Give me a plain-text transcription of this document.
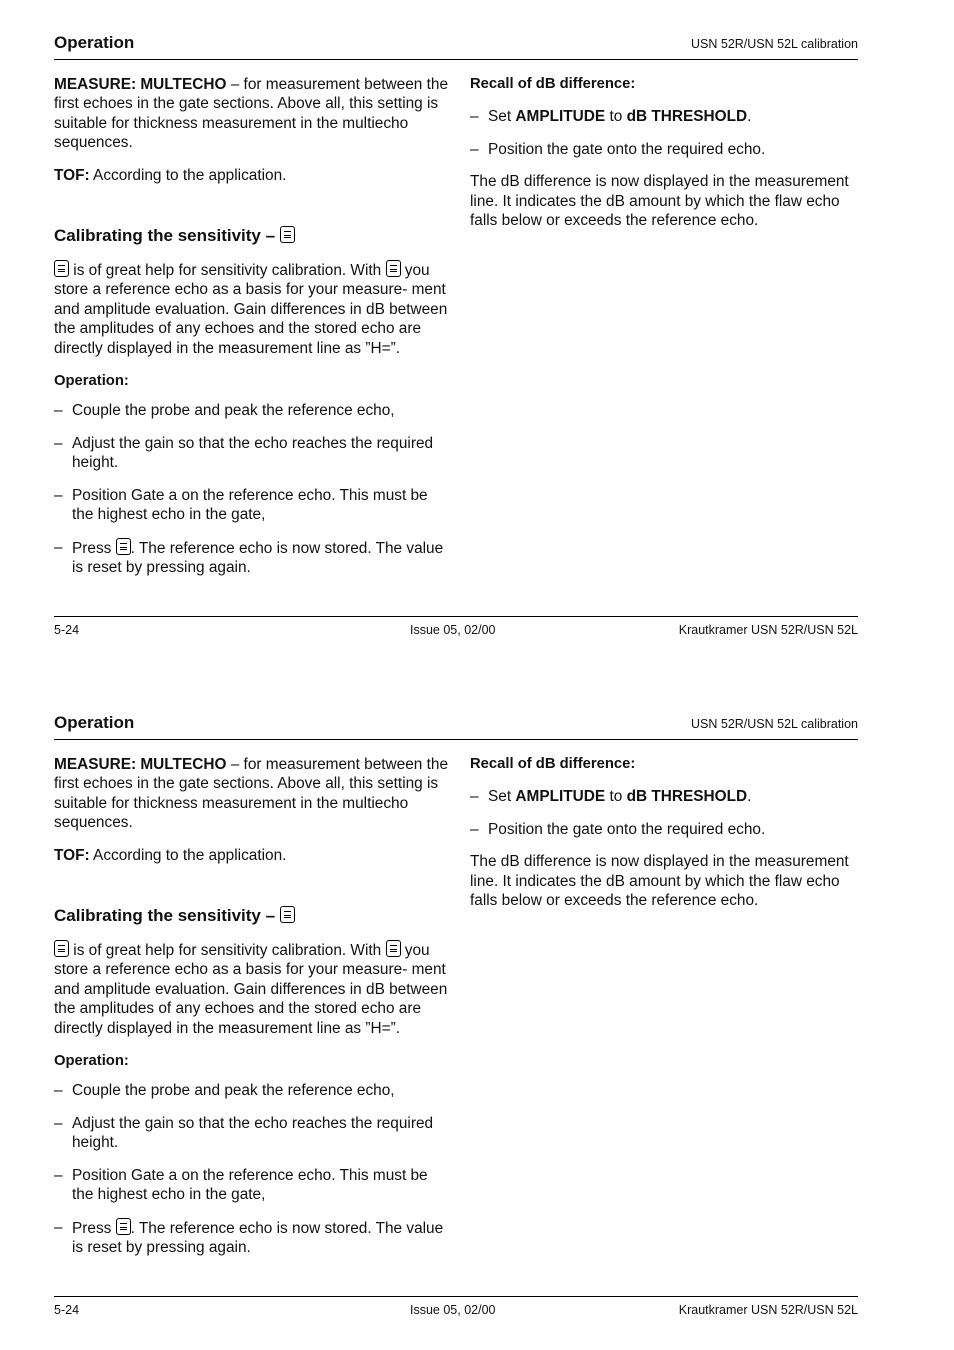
Operation	USN 52R/USN 52L calibration

MEASURE: MULTECHO – for measurement between the first echoes in the gate sections. Above all, this setting is suitable for thickness measurement in the multiecho sequences.

TOF: According to the application.

Calibrating the sensitivity –

is of great help for sensitivity calibration. With  you store a reference echo as a basis for your measure- ment and amplitude evaluation. Gain differences in dB between the amplitudes of any echoes and the stored echo are directly displayed in the measurement line as ”H=”.

Operation:

– Couple the probe and peak the reference echo,
– Adjust the gain so that the echo reaches the required height.
– Position Gate a on the reference echo. This must be the highest echo in the gate,
– Press . The reference echo is now stored. The value is reset by pressing again.

Recall of dB difference:

– Set AMPLITUDE to dB THRESHOLD.
– Position the gate onto the required echo.

The dB difference is now displayed in the measurement line. It indicates the dB amount by which the flaw echo falls below or exceeds the reference echo.

5-24	Issue 05, 02/00	Krautkramer USN 52R/USN 52L
Operation	USN 52R/USN 52L calibration

MEASURE: MULTECHO – for measurement between the first echoes in the gate sections. Above all, this setting is suitable for thickness measurement in the multiecho sequences.

TOF: According to the application.

Calibrating the sensitivity –

is of great help for sensitivity calibration. With  you store a reference echo as a basis for your measure- ment and amplitude evaluation. Gain differences in dB between the amplitudes of any echoes and the stored echo are directly displayed in the measurement line as ”H=”.

Operation:

– Couple the probe and peak the reference echo,
– Adjust the gain so that the echo reaches the required height.
– Position Gate a on the reference echo. This must be the highest echo in the gate,
– Press . The reference echo is now stored. The value is reset by pressing again.

Recall of dB difference:

– Set AMPLITUDE to dB THRESHOLD.
– Position the gate onto the required echo.

The dB difference is now displayed in the measurement line. It indicates the dB amount by which the flaw echo falls below or exceeds the reference echo.

5-24	Issue 05, 02/00	Krautkramer USN 52R/USN 52L
